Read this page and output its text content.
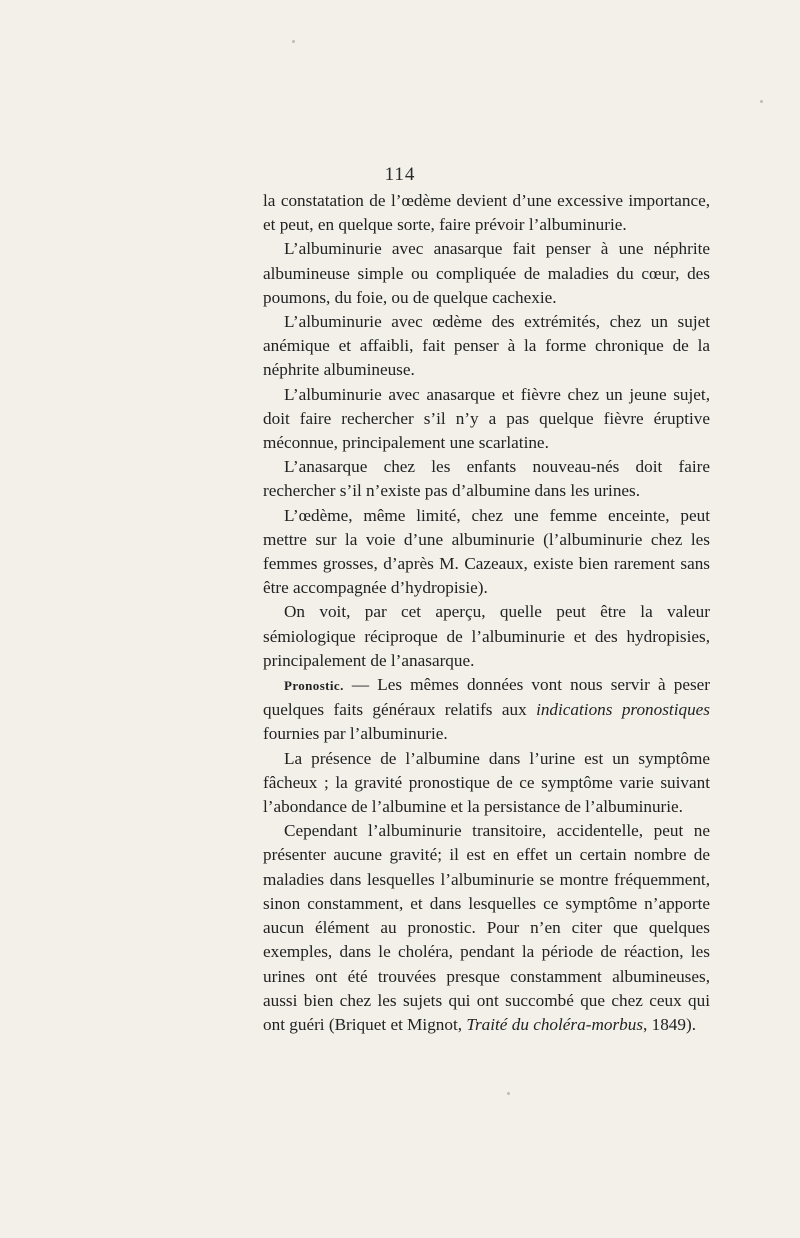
114

la constatation de l’œdème devient d’une excessive importance, et peut, en quelque sorte, faire prévoir l’albuminurie.

L’albuminurie avec anasarque fait penser à une néphrite albumineuse simple ou compliquée de maladies du cœur, des poumons, du foie, ou de quelque cachexie.

L’albuminurie avec œdème des extrémités, chez un sujet anémique et affaibli, fait penser à la forme chronique de la néphrite albumineuse.

L’albuminurie avec anasarque et fièvre chez un jeune sujet, doit faire rechercher s’il n’y a pas quelque fièvre éruptive méconnue, principalement une scarlatine.

L’anasarque chez les enfants nouveau-nés doit faire rechercher s’il n’existe pas d’albumine dans les urines.

L’œdème, même limité, chez une femme enceinte, peut mettre sur la voie d’une albuminurie (l’albuminurie chez les femmes grosses, d’après M. Cazeaux, existe bien rarement sans être accompagnée d’hydropisie).

On voit, par cet aperçu, quelle peut être la valeur sémiologique réciproque de l’albuminurie et des hydropisies, principalement de l’anasarque.

Pronostic. — Les mêmes données vont nous servir à peser quelques faits généraux relatifs aux indications pronostiques fournies par l’albuminurie.

La présence de l’albumine dans l’urine est un symptôme fâcheux ; la gravité pronostique de ce symptôme varie suivant l’abondance de l’albumine et la persistance de l’albuminurie.

Cependant l’albuminurie transitoire, accidentelle, peut ne présenter aucune gravité; il est en effet un certain nombre de maladies dans lesquelles l’albuminurie se montre fréquemment, sinon constamment, et dans lesquelles ce symptôme n’apporte aucun élément au pronostic. Pour n’en citer que quelques exemples, dans le choléra, pendant la période de réaction, les urines ont été trouvées presque constamment albumineuses, aussi bien chez les sujets qui ont succombé que chez ceux qui ont guéri (Briquet et Mignot, Traité du choléra-morbus, 1849).
